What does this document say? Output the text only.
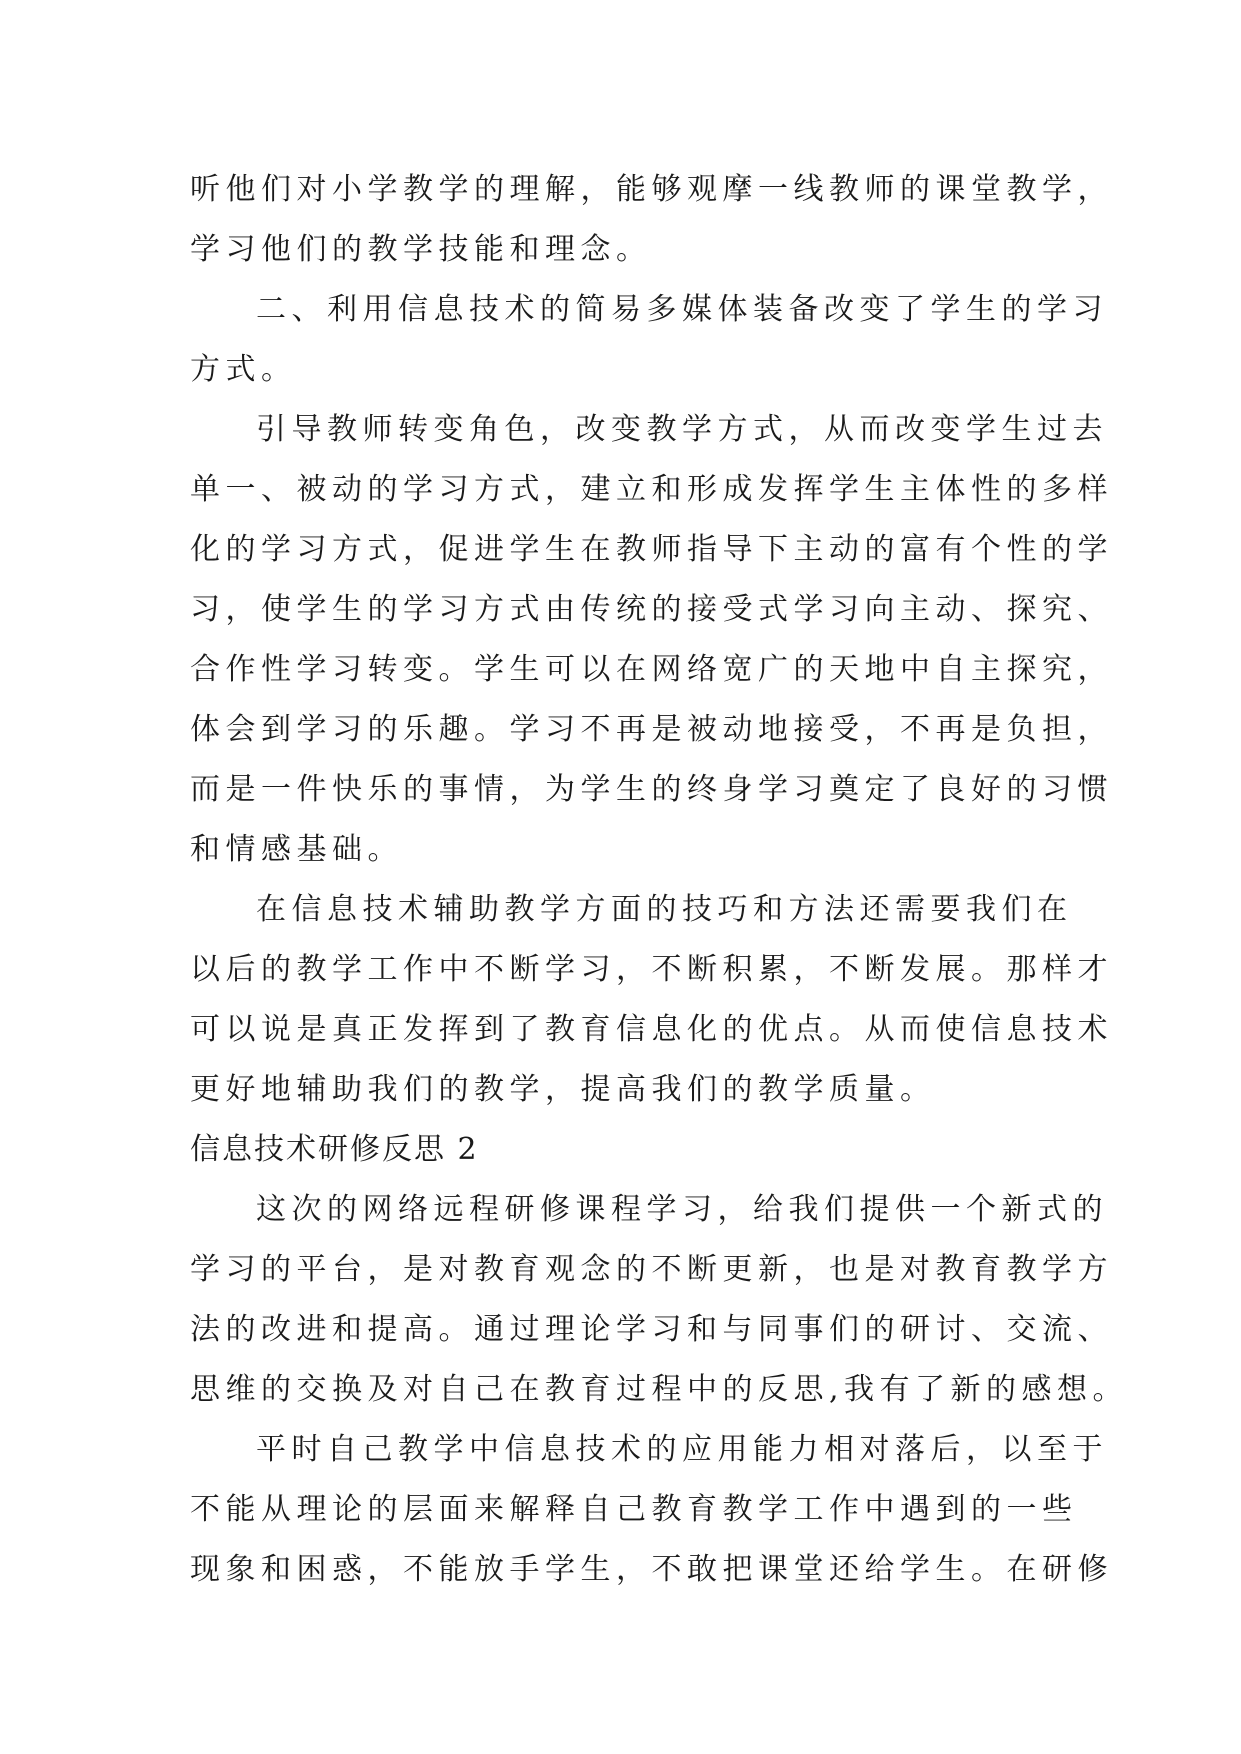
听他们对小学教学的理解，能够观摩一线教师的课堂教学，
学习他们的教学技能和理念。
二、利用信息技术的简易多媒体装备改变了学生的学习
方式。
引导教师转变角色，改变教学方式，从而改变学生过去
单一、被动的学习方式，建立和形成发挥学生主体性的多样
化的学习方式，促进学生在教师指导下主动的富有个性的学
习，使学生的学习方式由传统的接受式学习向主动、探究、
合作性学习转变。学生可以在网络宽广的天地中自主探究，
体会到学习的乐趣。学习不再是被动地接受，不再是负担，
而是一件快乐的事情，为学生的终身学习奠定了良好的习惯
和情感基础。
在信息技术辅助教学方面的技巧和方法还需要我们在
以后的教学工作中不断学习，不断积累，不断发展。那样才
可以说是真正发挥到了教育信息化的优点。从而使信息技术
更好地辅助我们的教学，提高我们的教学质量。
信息技术研修反思 2
这次的网络远程研修课程学习，给我们提供一个新式的
学习的平台，是对教育观念的不断更新，也是对教育教学方
法的改进和提高。通过理论学习和与同事们的研讨、交流、
思维的交换及对自己在教育过程中的反思,我有了新的感想。
平时自己教学中信息技术的应用能力相对落后，以至于
不能从理论的层面来解释自己教育教学工作中遇到的一些
现象和困惑，不能放手学生，不敢把课堂还给学生。在研修
